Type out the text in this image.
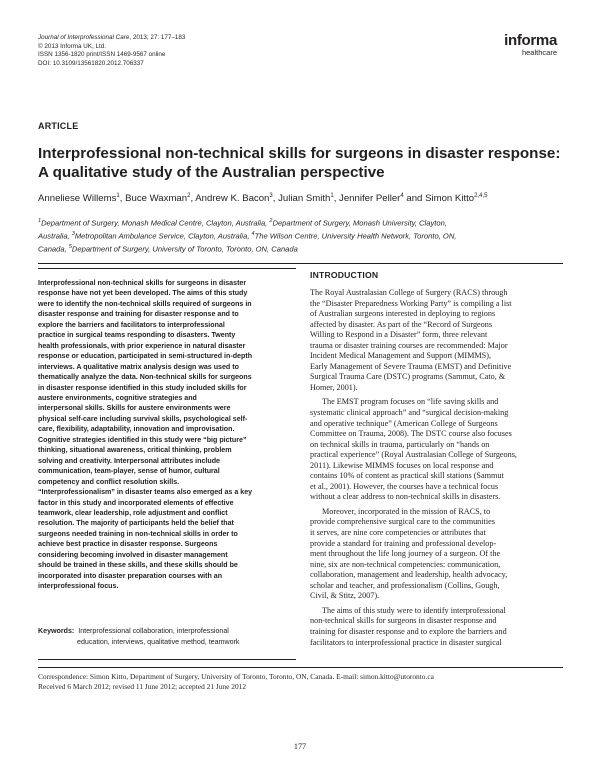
Journal of Interprofessional Care, 2013; 27: 177–183
© 2013 Informa UK, Ltd.
ISSN 1356-1820 print/ISSN 1469-9567 online
DOI: 10.3109/13561820.2012.706337
informa
healthcare
ARTICLE
Interprofessional non-technical skills for surgeons in disaster response:
A qualitative study of the Australian perspective
Anneliese Willems$^1$, Buce Waxman$^2$, Andrew K. Bacon$^3$, Julian Smith$^1$, Jennifer Peller$^4$ and Simon Kitto$^{2,4,5}$
$^1$Department of Surgery, Monash Medical Centre, Clayton, Australia, $^2$Department of Surgery, Monash University, Clayton,
Australia, $^3$Metropolitan Ambulance Service, Clayton, Australia, $^4$The Wilson Centre, University Health Network, Toronto, ON,
Canada, $^5$Department of Surgery, University of Toronto, Toronto, ON, Canada
Interprofessional non-technical skills for surgeons in disaster
response have not yet been developed. The aims of this study
were to identify the non-technical skills required of surgeons in
disaster response and training for disaster response and to
explore the barriers and facilitators to interprofessional
practice in surgical teams responding to disasters. Twenty
health professionals, with prior experience in natural disaster
response or education, participated in semi-structured in-depth
interviews. A qualitative matrix analysis design was used to
thematically analyze the data. Non-technical skills for surgeons
in disaster response identified in this study included skills for
austere environments, cognitive strategies and
interpersonal skills. Skills for austere environments were
physical self-care including survival skills, psychological self-
care, flexibility, adaptability, innovation and improvisation.
Cognitive strategies identified in this study were “big picture”
thinking, situational awareness, critical thinking, problem
solving and creativity. Interpersonal attributes include
communication, team-player, sense of humor, cultural
competency and conflict resolution skills.
“Interprofessionalism” in disaster teams also emerged as a key
factor in this study and incorporated elements of effective
teamwork, clear leadership, role adjustment and conflict
resolution. The majority of participants held the belief that
surgeons needed training in non-technical skills in order to
achieve best practice in disaster response. Surgeons
considering becoming involved in disaster management
should be trained in these skills, and these skills should be
incorporated into disaster preparation courses with an
interprofessional focus.
Keywords: Interprofessional collaboration, interprofessional
education, interviews, qualitative method, teamwork
INTRODUCTION
The Royal Australasian College of Surgery (RACS) through
the “Disaster Preparedness Working Party” is compiling a list
of Australian surgeons interested in deploying to regions
affected by disaster. As part of the “Record of Surgeons
Willing to Respond in a Disaster” form, three relevant
trauma or disaster training courses are recommended: Major
Incident Medical Management and Support (MIMMS),
Early Management of Severe Trauma (EMST) and Definitive
Surgical Trauma Care (DSTC) programs (Sammut, Cato, &
Homer, 2001).
The EMST program focuses on “life saving skills and
systematic clinical approach” and “surgical decision-making
and operative technique” (American College of Surgeons
Committee on Trauma, 2008). The DSTC course also focuses
on technical skills in trauma, particularly on “hands on
practical experience” (Royal Australasian College of Surgeons,
2011). Likewise MIMMS focuses on local response and
contains 10% of content as practical skill stations (Sammut
et al., 2001). However, the courses have a technical focus
without a clear address to non-technical skills in disasters.
Moreover, incorporated in the mission of RACS, to
provide comprehensive surgical care to the communities
it serves, are nine core competencies or attributes that
provide a standard for training and professional develop-
ment throughout the life long journey of a surgeon. Of the
nine, six are non-technical competencies: communication,
collaboration, management and leadership, health advocacy,
scholar and teacher, and professionalism (Collins, Gough,
Civil, & Stitz, 2007).
The aims of this study were to identify interprofessional
non-technical skills for surgeons in disaster response and
training for disaster response and to explore the barriers and
facilitators to interprofessional practice in disaster surgical
Correspondence: Simon Kitto, Department of Surgery, University of Toronto, Toronto, ON, Canada. E-mail: simon.kitto@utoronto.ca
Received 6 March 2012; revised 11 June 2012; accepted 21 June 2012
177
